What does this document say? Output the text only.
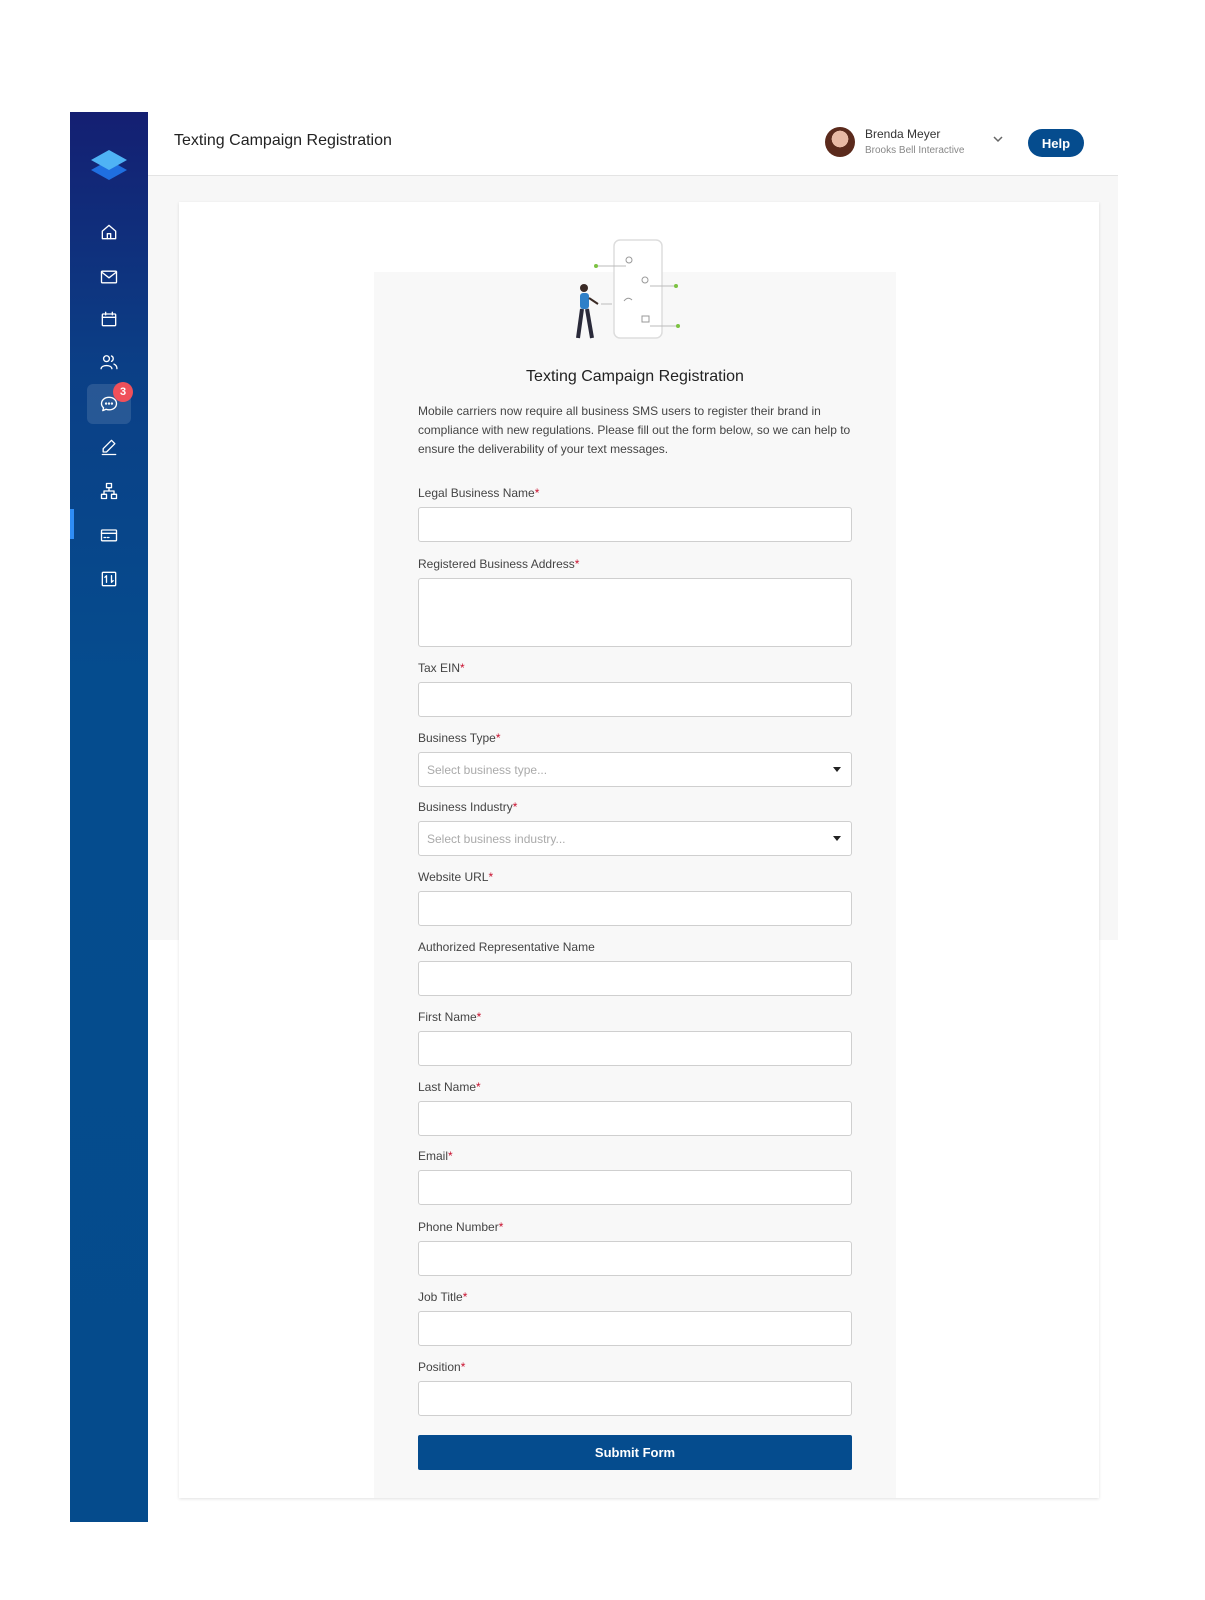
3
Texting Campaign Registration	Brenda Meyer
Brooks Bell Interactive	Help
Texting Campaign Registration
Mobile carriers now require all business SMS users to register their brand in compliance with new regulations. Please fill out the form below, so we can help to ensure the deliverability of your text messages.
Legal Business Name*
Registered Business Address*
Tax EIN*
Business Type*
Select business type...
Business Industry*
Select business industry...
Website URL*
Authorized Representative Name
First Name*
Last Name*
Email*
Phone Number*
Job Title*
Position*
Submit Form
